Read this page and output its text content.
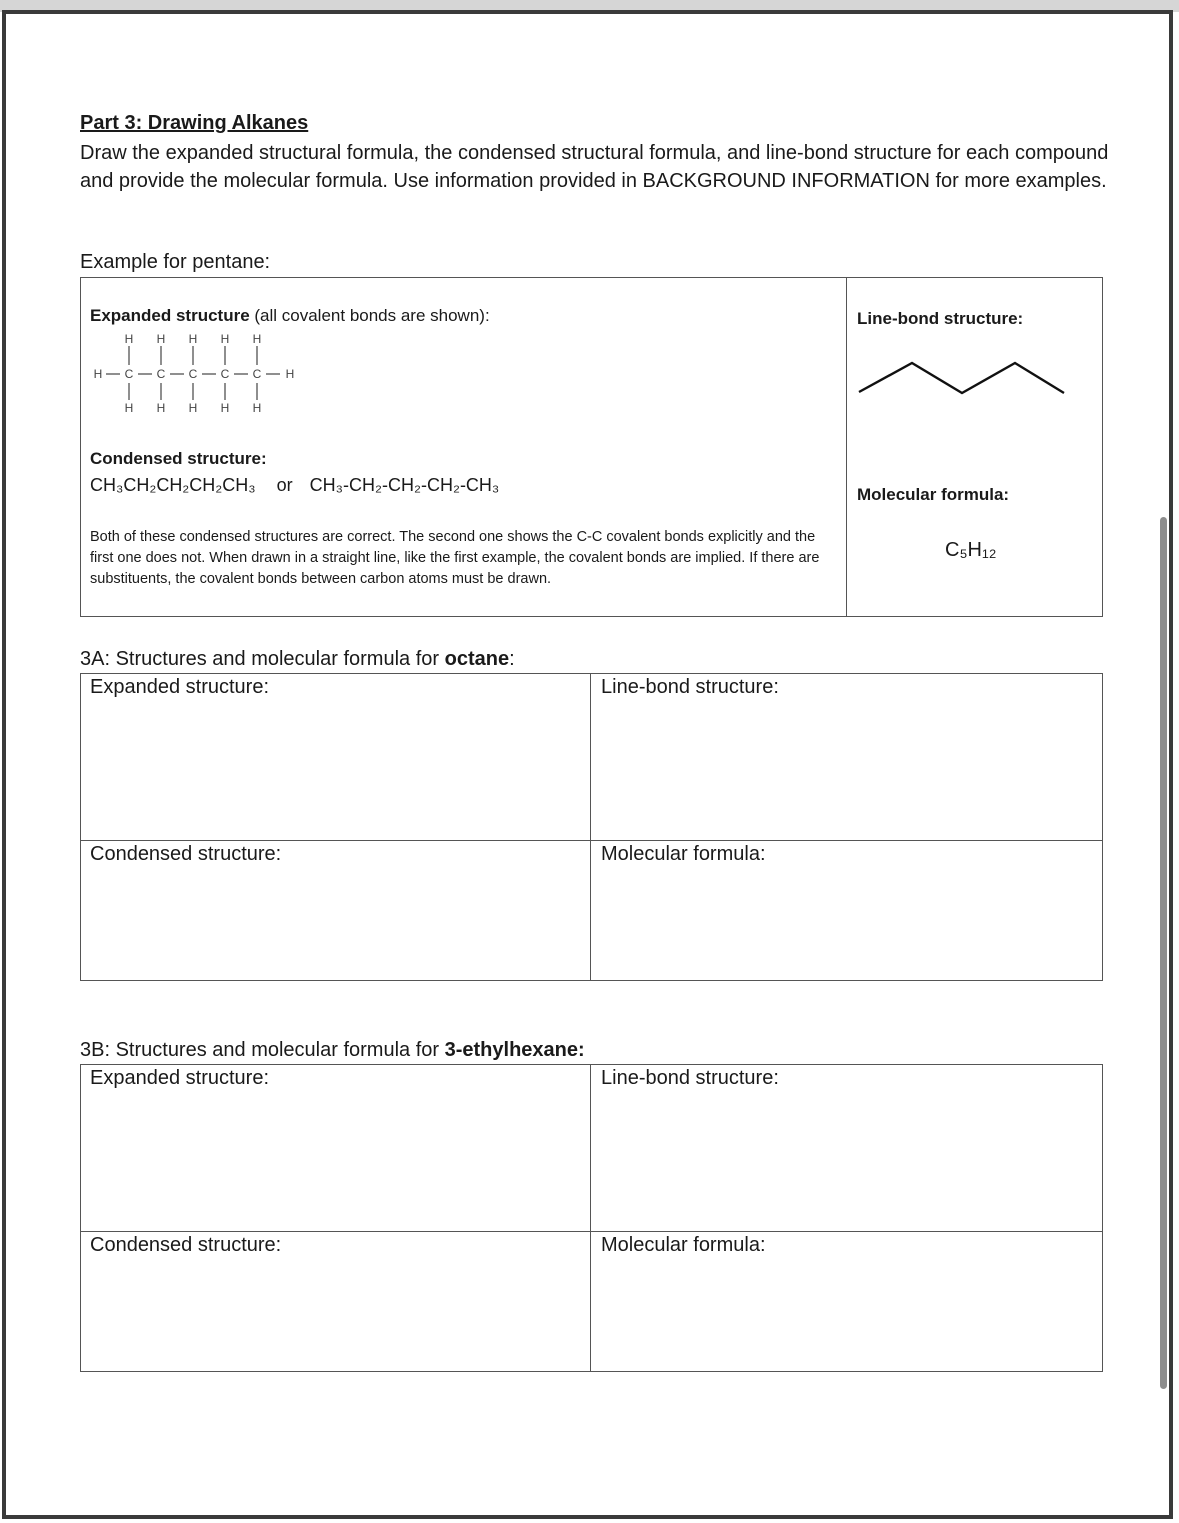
Part 3: Drawing Alkanes
Draw the expanded structural formula, the condensed structural formula, and line-bond structure for each compound and provide the molecular formula. Use information provided in BACKGROUND INFORMATION for more examples.
Example for pentane:
Expanded structure (all covalent bonds are shown):
H H H H H
H C C C C C H
H H H H H
Condensed structure:
CH₃CH₂CH₂CH₂CH₃ or CH₃-CH₂-CH₂-CH₂-CH₃
Both of these condensed structures are correct. The second one shows the C-C covalent bonds explicitly and the first one does not. When drawn in a straight line, like the first example, the covalent bonds are implied. If there are substituents, the covalent bonds between carbon atoms must be drawn.
Line-bond structure:
Molecular formula:
C₅H₁₂
3A: Structures and molecular formula for octane:
Expanded structure:	Line-bond structure:
Condensed structure:	Molecular formula:
3B: Structures and molecular formula for 3-ethylhexane:
Expanded structure:	Line-bond structure:
Condensed structure:	Molecular formula:
